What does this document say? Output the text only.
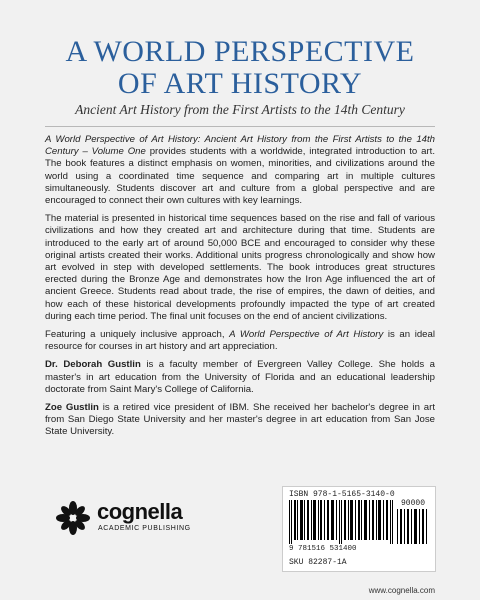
A WORLD PERSPECTIVE
OF ART HISTORY
Ancient Art History from the First Artists to the 14th Century

A World Perspective of Art History: Ancient Art History from the First Artists to the 14th Century – Volume One provides students with a worldwide, integrated introduction to art. The book features a distinct emphasis on women, minorities, and civilizations around the world using a coordinated time sequence and comparing art in multiple cultures simultaneously. Students discover art and culture from a global perspective and are encouraged to connect their own cultures with key learnings.

The material is presented in historical time sequences based on the rise and fall of various civilizations and how they created art and architecture during that time. Students are introduced to the early art of around 50,000 BCE and encouraged to consider why these original artists created their works. Additional units progress chronologically and show how art evolved in step with developed settlements. The book introduces great structures erected during the Bronze Age and demonstrates how the Iron Age influenced the art of ancient Greece. Students read about trade, the rise of empires, the dawn of deities, and how each of these historical developments profoundly impacted the type of art created during each time period. The final unit focuses on the end of ancient civilizations.

Featuring a uniquely inclusive approach, A World Perspective of Art History is an ideal resource for courses in art history and art appreciation.

Dr. Deborah Gustlin is a faculty member of Evergreen Valley College. She holds a master's in art education from the University of Florida and an educational leadership doctorate from Saint Mary's College of California.

Zoe Gustlin is a retired vice president of IBM. She received her bachelor's degree in art from San Diego State University and her master's degree in art education from San Jose State University.

cognella
ACADEMIC PUBLISHING
ISBN 978-1-5165-3140-0
90000
9 781516 531400
SKU 82287-1A
www.cognella.com
